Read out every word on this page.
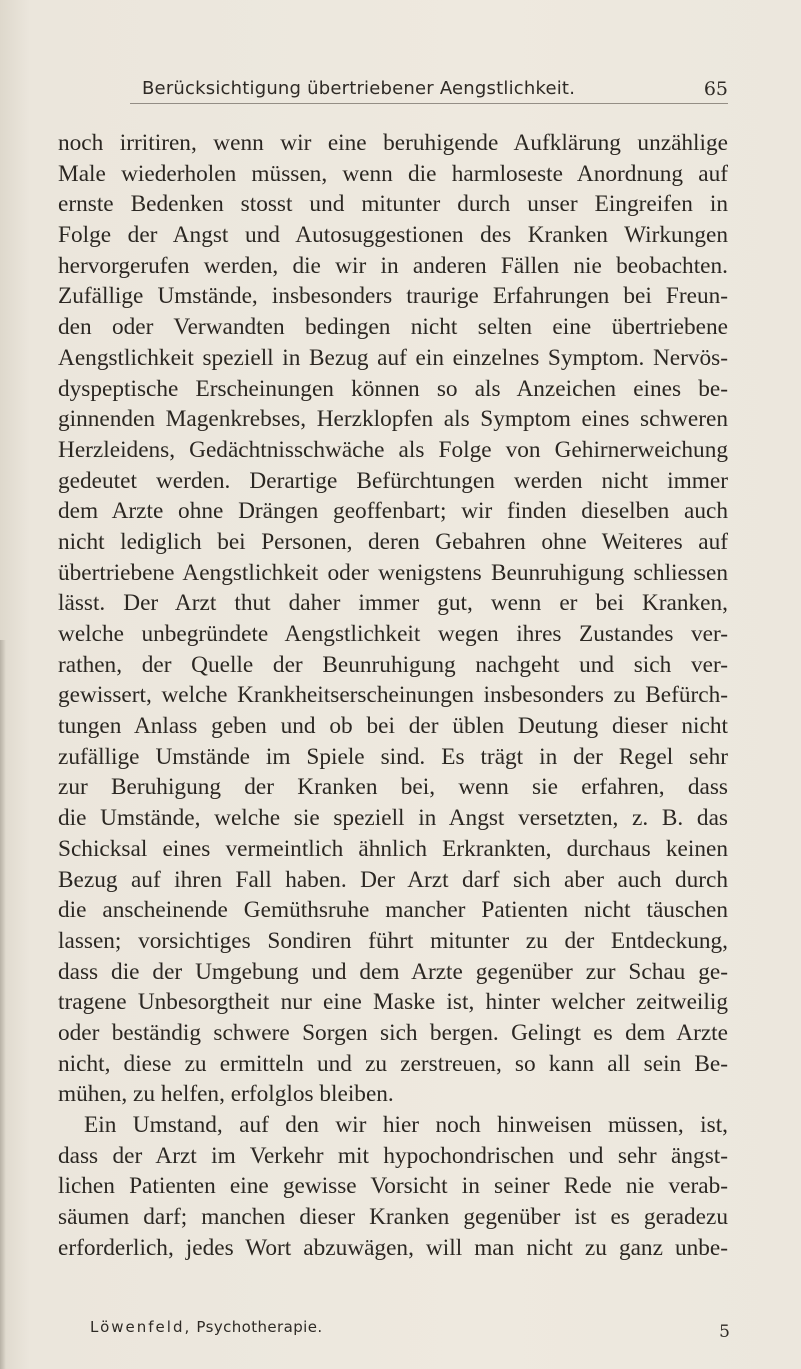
Berücksichtigung übertriebener Aengstlichkeit.	65
noch irritiren, wenn wir eine beruhigende Aufklärung unzählige
Male wiederholen müssen, wenn die harmloseste Anordnung auf
ernste Bedenken stosst und mitunter durch unser Eingreifen in
Folge der Angst und Autosuggestionen des Kranken Wirkungen
hervorgerufen werden, die wir in anderen Fällen nie beobachten.
Zufällige Umstände, insbesonders traurige Erfahrungen bei Freun-
den oder Verwandten bedingen nicht selten eine übertriebene
Aengstlichkeit speziell in Bezug auf ein einzelnes Symptom. Nervös-
dyspeptische Erscheinungen können so als Anzeichen eines be-
ginnenden Magenkrebses, Herzklopfen als Symptom eines schweren
Herzleidens, Gedächtnisschwäche als Folge von Gehirnerweichung
gedeutet werden. Derartige Befürchtungen werden nicht immer
dem Arzte ohne Drängen geoffenbart; wir finden dieselben auch
nicht lediglich bei Personen, deren Gebahren ohne Weiteres auf
übertriebene Aengstlichkeit oder wenigstens Beunruhigung schliessen
lässt. Der Arzt thut daher immer gut, wenn er bei Kranken,
welche unbegründete Aengstlichkeit wegen ihres Zustandes ver-
rathen, der Quelle der Beunruhigung nachgeht und sich ver-
gewissert, welche Krankheitserscheinungen insbesonders zu Befürch-
tungen Anlass geben und ob bei der üblen Deutung dieser nicht
zufällige Umstände im Spiele sind. Es trägt in der Regel sehr
zur Beruhigung der Kranken bei, wenn sie erfahren, dass
die Umstände, welche sie speziell in Angst versetzten, z. B. das
Schicksal eines vermeintlich ähnlich Erkrankten, durchaus keinen
Bezug auf ihren Fall haben. Der Arzt darf sich aber auch durch
die anscheinende Gemüthsruhe mancher Patienten nicht täuschen
lassen; vorsichtiges Sondiren führt mitunter zu der Entdeckung,
dass die der Umgebung und dem Arzte gegenüber zur Schau ge-
tragene Unbesorgtheit nur eine Maske ist, hinter welcher zeitweilig
oder beständig schwere Sorgen sich bergen. Gelingt es dem Arzte
nicht, diese zu ermitteln und zu zerstreuen, so kann all sein Be-
mühen, zu helfen, erfolglos bleiben.
Ein Umstand, auf den wir hier noch hinweisen müssen, ist,
dass der Arzt im Verkehr mit hypochondrischen und sehr ängst-
lichen Patienten eine gewisse Vorsicht in seiner Rede nie verab-
säumen darf; manchen dieser Kranken gegenüber ist es geradezu
erforderlich, jedes Wort abzuwägen, will man nicht zu ganz unbe-
Löwenfeld, Psychotherapie.	5
